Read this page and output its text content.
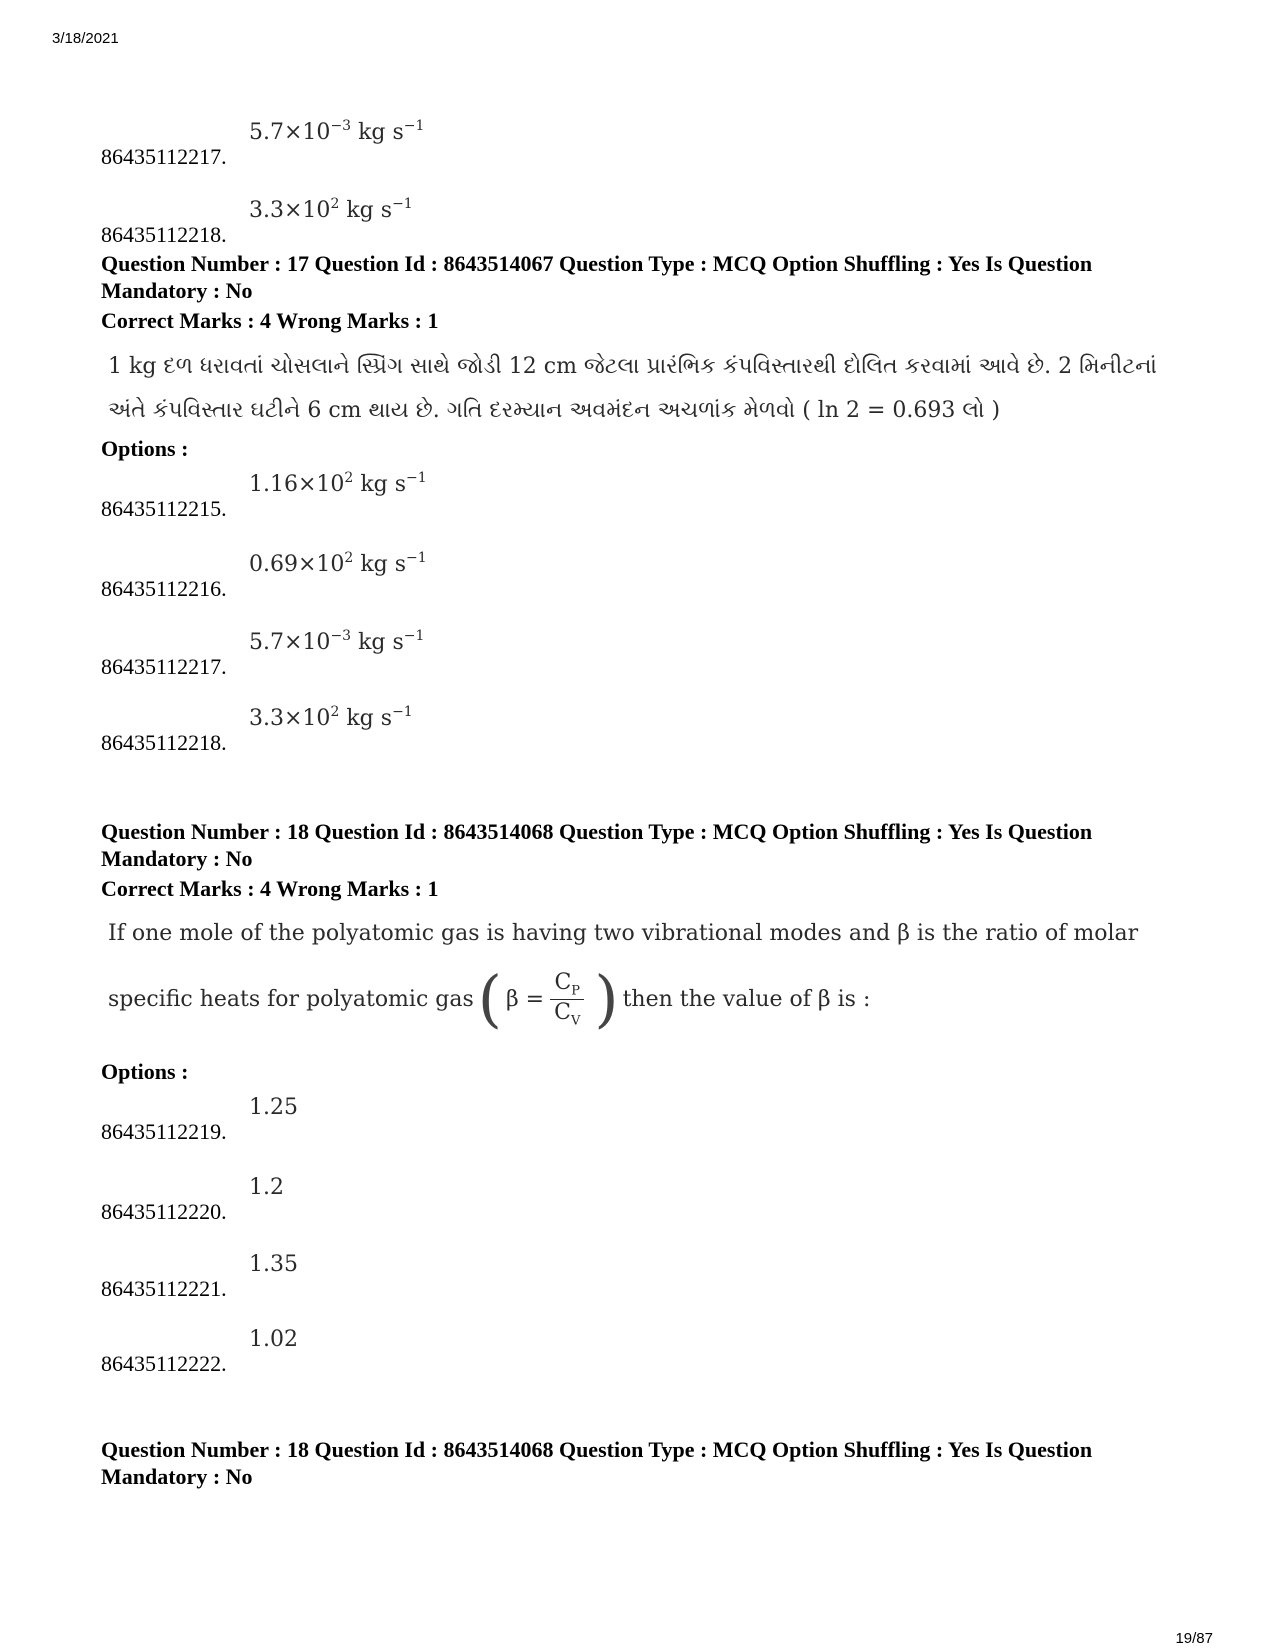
3/18/2021
86435112217.
$5.7\times 10^{-3}$ kg $s^{-1}$
86435112218.
$3.3\times 10^2$ kg $s^{-1}$
Question Number : 17 Question Id : 8643514067 Question Type : MCQ Option Shuffling : Yes Is Question Mandatory : No
Correct Marks : 4 Wrong Marks : 1
1 kg દળ ધરાવતાં ચોસલાને સ્પ્રિંગ સાથે જોડી 12 cm જેટલા પ્રારંભિક કંપવિસ્તારથી દોલિત કરવામાં આવે છે. 2 મિનીટનાં
અંતે કંપવિસ્તાર ઘટીને 6 cm થાય છે. ગતિ દરમ્યાન અવમંદન અચળાંક મેળવો ( ln 2 = 0.693 લો )
Options :
86435112215.
$1.16\times 10^2$ kg $s^{-1}$
86435112216.
$0.69\times 10^2$ kg $s^{-1}$
86435112217.
$5.7\times 10^{-3}$ kg $s^{-1}$
86435112218.
$3.3\times 10^2$ kg $s^{-1}$
Question Number : 18 Question Id : 8643514068 Question Type : MCQ Option Shuffling : Yes Is Question Mandatory : No
Correct Marks : 4 Wrong Marks : 1
If one mole of the polyatomic gas is having two vibrational modes and β is the ratio of molar
specific heats for polyatomic gas ( $\beta = \frac{C_P}{C_V}$ ) then the value of β is :
Options :
86435112219.
1.25
86435112220.
1.2
86435112221.
1.35
86435112222.
1.02
Question Number : 18 Question Id : 8643514068 Question Type : MCQ Option Shuffling : Yes Is Question Mandatory : No
19/87
